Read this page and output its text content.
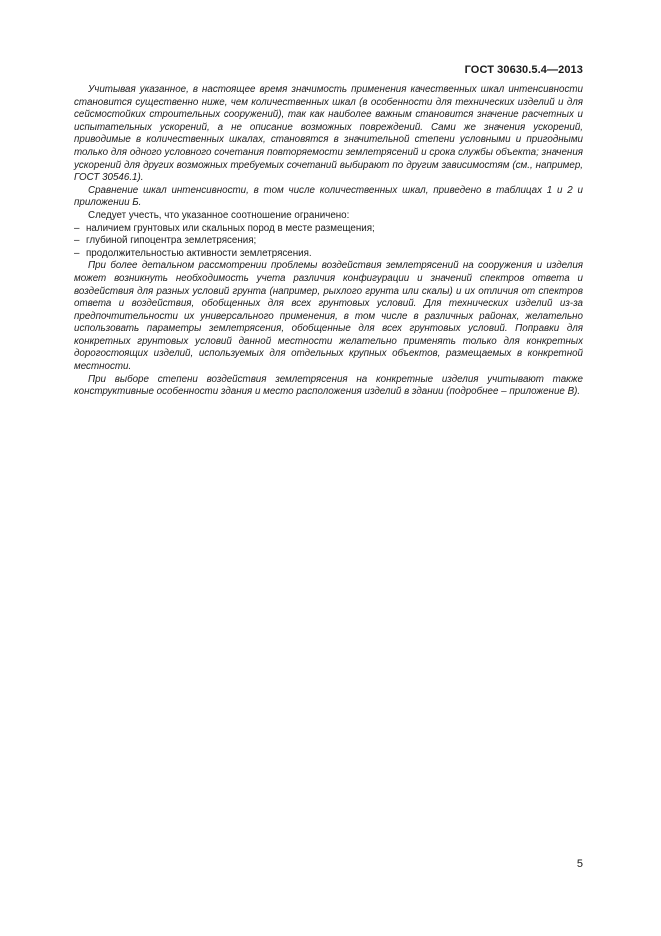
ГОСТ 30630.5.4—2013

Учитывая указанное, в настоящее время значимость применения качественных шкал интенсивности становится существенно ниже, чем количественных шкал (в особенности для технических изделий и для сейсмостойких строительных сооружений), так как наиболее важным становится значение расчетных и испытательных ускорений, а не описание возможных повреждений. Сами же значения ускорений, приводимые в количественных шкалах, становятся в значительной степени условными и пригодными только для одного условного сочетания повторяемости землетрясений и срока службы объекта; значения ускорений для других возможных требуемых сочетаний выбирают по другим зависимостям (см., например, ГОСТ 30546.1).

Сравнение шкал интенсивности, в том числе количественных шкал, приведено в таблицах 1 и 2 и приложении Б.

Следует учесть, что указанное соотношение ограничено:

– наличием грунтовых или скальных пород в месте размещения;

– глубиной гипоцентра землетрясения;

– продолжительностью активности землетрясения.

При более детальном рассмотрении проблемы воздействия землетрясений на сооружения и изделия может возникнуть необходимость учета различия конфигурации и значений спектров ответа и воздействия для разных условий грунта (например, рыхлого грунта или скалы) и их отличия от спектров ответа и воздействия, обобщенных для всех грунтовых условий. Для технических изделий из-за предпочтительности их универсального применения, в том числе в различных районах, желательно использовать параметры землетрясения, обобщенные для всех грунтовых условий. Поправки для конкретных грунтовых условий данной местности желательно применять только для конкретных дорогостоящих изделий, используемых для отдельных крупных объектов, размещаемых в конкретной местности.

При выборе степени воздействия землетрясения на конкретные изделия учитывают также конструктивные особенности здания и место расположения изделий в здании (подробнее – приложение В).

5
